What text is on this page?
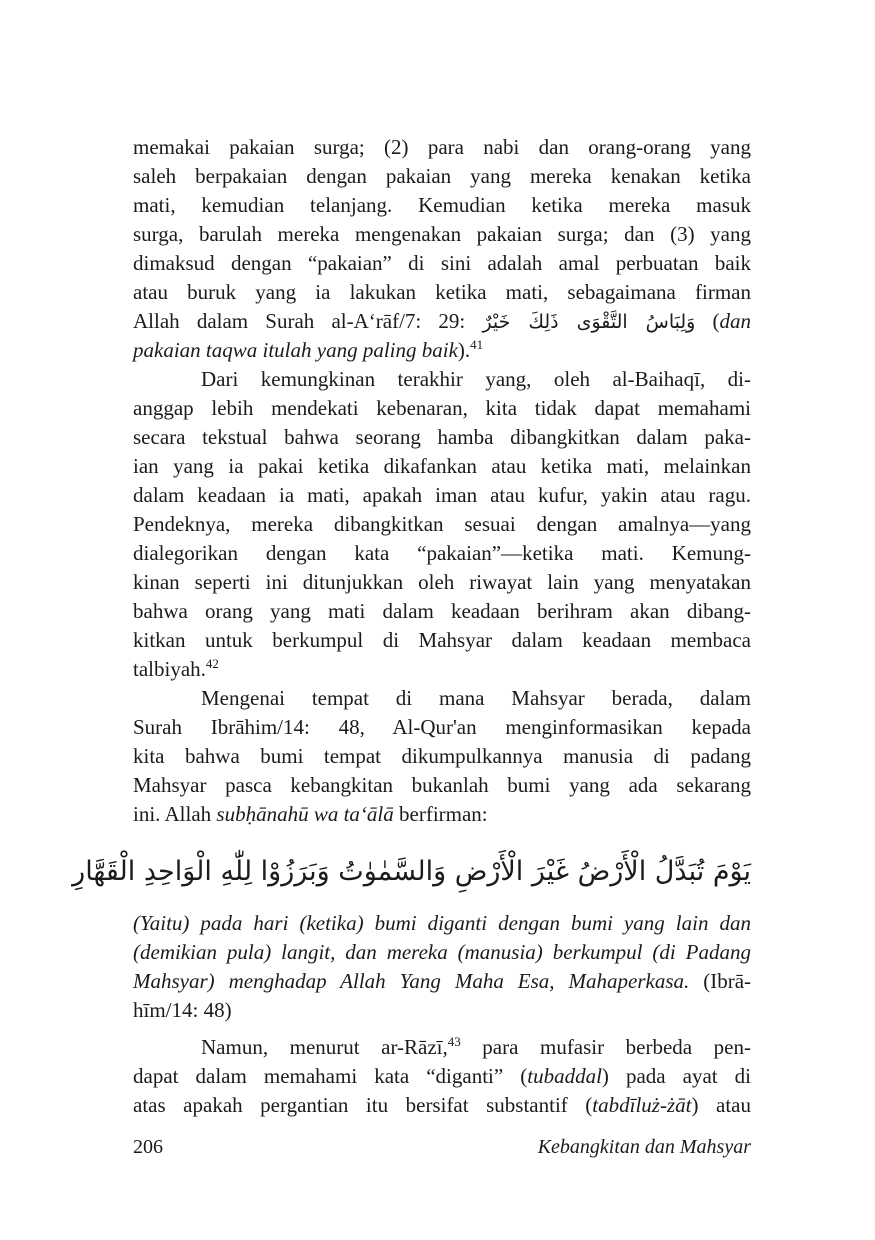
memakai pakaian surga; (2) para nabi dan orang-orang yang
saleh berpakaian dengan pakaian yang mereka kenakan ketika
mati, kemudian telanjang. Kemudian ketika mereka masuk
surga, barulah mereka mengenakan pakaian surga; dan (3) yang
dimaksud dengan “pakaian” di sini adalah amal perbuatan baik
atau buruk yang ia lakukan ketika mati, sebagaimana firman
Allah dalam Surah al-A‘rāf/7: 29: وَلِبَاسُ التَّقْوَى ذَلِكَ خَيْرٌ (dan
pakaian taqwa itulah yang paling baik).$^{41}$
Dari kemungkinan terakhir yang, oleh al-Baihaqī, di-
anggap lebih mendekati kebenaran, kita tidak dapat memahami
secara tekstual bahwa seorang hamba dibangkitkan dalam paka-
ian yang ia pakai ketika dikafankan atau ketika mati, melainkan
dalam keadaan ia mati, apakah iman atau kufur, yakin atau ragu.
Pendeknya, mereka dibangkitkan sesuai dengan amalnya—yang
dialegorikan dengan kata “pakaian”—ketika mati. Kemung-
kinan seperti ini ditunjukkan oleh riwayat lain yang menyatakan
bahwa orang yang mati dalam keadaan berihram akan dibang-
kitkan untuk berkumpul di Mahsyar dalam keadaan membaca
talbiyah.$^{42}$
Mengenai tempat di mana Mahsyar berada, dalam
Surah Ibrāhim/14: 48, Al-Qur'an menginformasikan kepada
kita bahwa bumi tempat dikumpulkannya manusia di padang
Mahsyar pasca kebangkitan bukanlah bumi yang ada sekarang
ini. Allah subḥānahū wa ta‘ālā berfirman:
يَوْمَ تُبَدَّلُ الْأَرْضُ غَيْرَ الْأَرْضِ وَالسَّمٰوٰتُ وَبَرَزُوْا لِلّٰهِ الْوَاحِدِ الْقَهَّارِ
(Yaitu) pada hari (ketika) bumi diganti dengan bumi yang lain dan
(demikian pula) langit, dan mereka (manusia) berkumpul (di Padang
Mahsyar) menghadap Allah Yang Maha Esa, Mahaperkasa. (Ibrā-
hīm/14: 48)
Namun, menurut ar-Rāzī,$^{43}$ para mufasir berbeda pen-
dapat dalam memahami kata “diganti” (tubaddal) pada ayat di
atas apakah pergantian itu bersifat substantif (tabdīluż-żāt) atau
206	Kebangkitan dan Mahsyar
